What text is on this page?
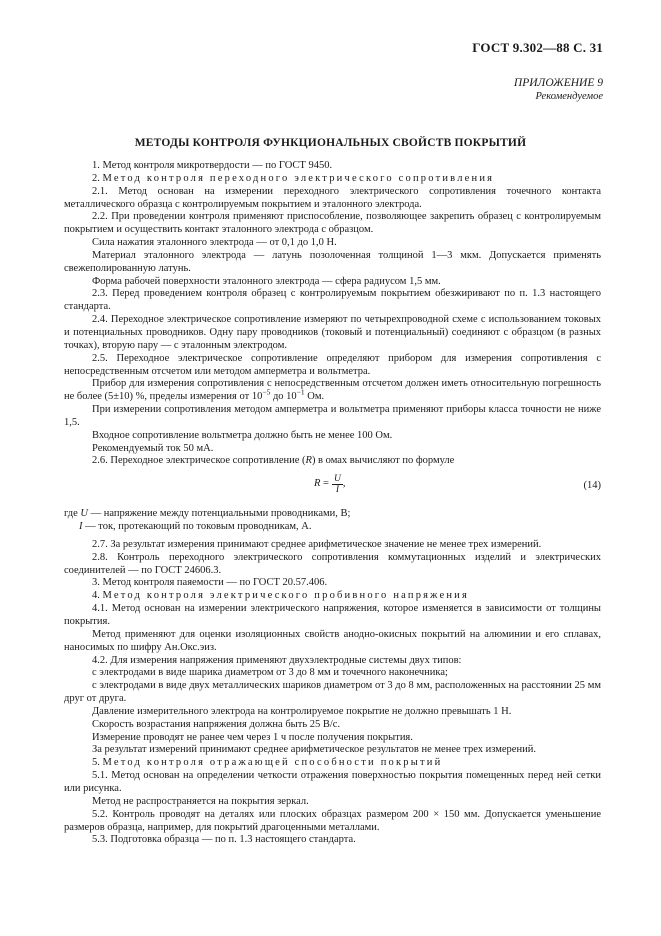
ГОСТ 9.302—88 С. 31
ПРИЛОЖЕНИЕ 9
Рекомендуемое
МЕТОДЫ КОНТРОЛЯ ФУНКЦИОНАЛЬНЫХ СВОЙСТВ ПОКРЫТИЙ

1. Метод контроля микротвердости — по ГОСТ 9450.

2. Метод контроля переходного электрического сопротивления

2.1. Метод основан на измерении переходного электрического сопротивления точечного контакта металлического образца с контролируемым покрытием и эталонного электрода.

2.2. При проведении контроля применяют приспособление, позволяющее закрепить образец с контролируемым покрытием и осуществить контакт эталонного электрода с образцом.

Сила нажатия эталонного электрода — от 0,1 до 1,0 Н.

Материал эталонного электрода — латунь позолоченная толщиной 1—3 мкм. Допускается применять свежеполированную латунь.

Форма рабочей поверхности эталонного электрода — сфера радиусом 1,5 мм.

2.3. Перед проведением контроля образец с контролируемым покрытием обезжиривают по п. 1.3 настоящего стандарта.

2.4. Переходное электрическое сопротивление измеряют по четырехпроводной схеме с использованием токовых и потенциальных проводников. Одну пару проводников (токовый и потенциальный) соединяют с образцом (в разных точках), вторую пару — с эталонным электродом.

2.5. Переходное электрическое сопротивление определяют прибором для измерения сопротивления с непосредственным отсчетом или методом амперметра и вольтметра.

Прибор для измерения сопротивления с непосредственным отсчетом должен иметь относительную погрешность не более (5±10) %, пределы измерения от $10^{-5}$ до $10^{-1}$ Ом.

При измерении сопротивления методом амперметра и вольтметра применяют приборы класса точности не ниже 1,5.

Входное сопротивление вольтметра должно быть не менее 100 Ом.

Рекомендуемый ток 50 мА.

2.6. Переходное электрическое сопротивление (R) в омах вычисляют по формуле

R
= $\frac{U}{I}$ ,	(14)

где U — напряжение между потенциальными проводниками, В;

I — ток, протекающий по токовым проводникам, А.

2.7. За результат измерения принимают среднее арифметическое значение не менее трех измерений.

2.8. Контроль переходного электрического сопротивления коммутационных изделий и электрических соединителей — по ГОСТ 24606.3.

3. Метод контроля паяемости — по ГОСТ 20.57.406.

4. Метод контроля электрического пробивного напряжения

4.1. Метод основан на измерении электрического напряжения, которое изменяется в зависимости от толщины покрытия.

Метод применяют для оценки изоляционных свойств анодно-окисных покрытий на алюминии и его сплавах, наносимых по шифру Ан.Окс.эиз.

4.2. Для измерения напряжения применяют двухэлектродные системы двух типов:

с электродами в виде шарика диаметром от 3 до 8 мм и точечного наконечника;

с электродами в виде двух металлических шариков диаметром от 3 до 8 мм, расположенных на расстоянии 25 мм друг от друга.

Давление измерительного электрода на контролируемое покрытие не должно превышать 1 Н.

Скорость возрастания напряжения должна быть 25 В/с.

Измерение проводят не ранее чем через 1 ч после получения покрытия.

За результат измерений принимают среднее арифметическое результатов не менее трех измерений.

5. Метод контроля отражающей способности покрытий

5.1. Метод основан на определении четкости отражения поверхностью покрытия помещенных перед ней сетки или рисунка.

Метод не распространяется на покрытия зеркал.

5.2. Контроль проводят на деталях или плоских образцах размером 200 × 150 мм. Допускается уменьшение размеров образца, например, для покрытий драгоценными металлами.

5.3. Подготовка образца — по п. 1.3 настоящего стандарта.
